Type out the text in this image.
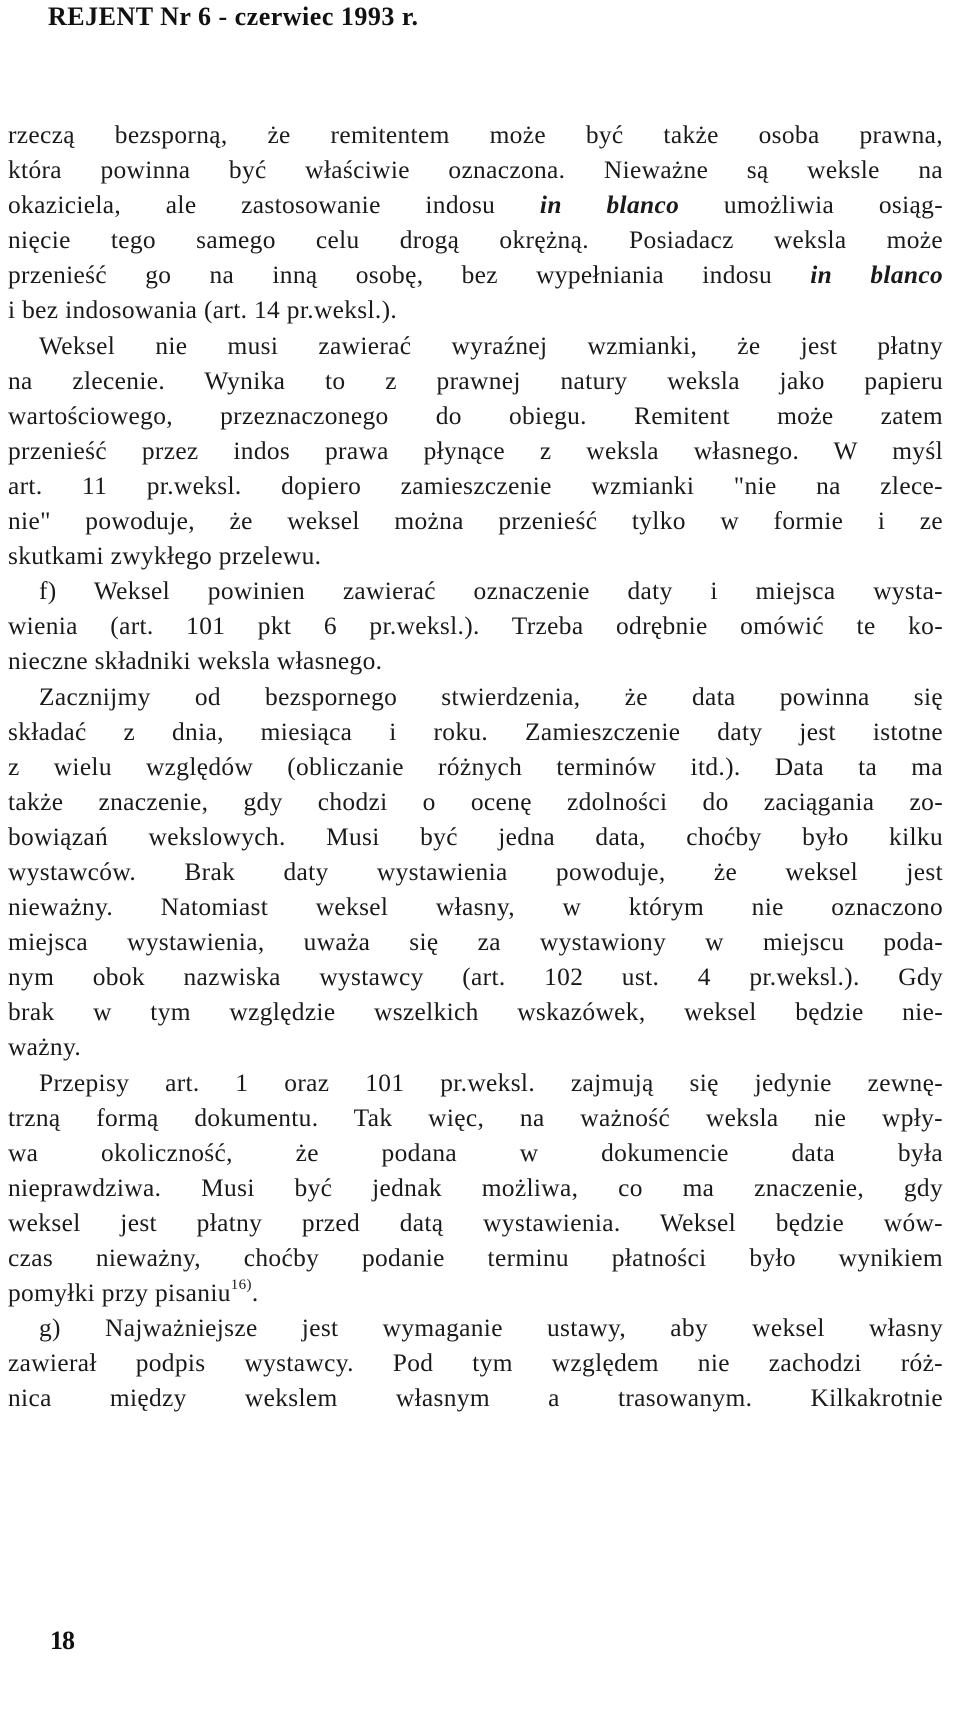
REJENT Nr 6 - czerwiec 1993 r.
rzeczą bezsporną, że remitentem może być także osoba prawna,
która powinna być właściwie oznaczona. Nieważne są weksle na
okaziciela, ale zastosowanie indosu in blanco umożliwia osiąg-
nięcie tego samego celu drogą okrężną. Posiadacz weksla może
przenieść go na inną osobę, bez wypełniania indosu in blanco
i bez indosowania (art. 14 pr.weksl.).
Weksel nie musi zawierać wyraźnej wzmianki, że jest płatny
na zlecenie. Wynika to z prawnej natury weksla jako papieru
wartościowego, przeznaczonego do obiegu. Remitent może zatem
przenieść przez indos prawa płynące z weksla własnego. W myśl
art. 11 pr.weksl. dopiero zamieszczenie wzmianki "nie na zlece-
nie" powoduje, że weksel można przenieść tylko w formie i ze
skutkami zwykłego przelewu.
f) Weksel powinien zawierać oznaczenie daty i miejsca wysta-
wienia (art. 101 pkt 6 pr.weksl.). Trzeba odrębnie omówić te ko-
nieczne składniki weksla własnego.
Zacznijmy od bezspornego stwierdzenia, że data powinna się
składać z dnia, miesiąca i roku. Zamieszczenie daty jest istotne
z wielu względów (obliczanie różnych terminów itd.). Data ta ma
także znaczenie, gdy chodzi o ocenę zdolności do zaciągania zo-
bowiązań wekslowych. Musi być jedna data, choćby było kilku
wystawców. Brak daty wystawienia powoduje, że weksel jest
nieważny. Natomiast weksel własny, w którym nie oznaczono
miejsca wystawienia, uważa się za wystawiony w miejscu poda-
nym obok nazwiska wystawcy (art. 102 ust. 4 pr.weksl.). Gdy
brak w tym względzie wszelkich wskazówek, weksel będzie nie-
ważny.
Przepisy art. 1 oraz 101 pr.weksl. zajmują się jedynie zewnę-
trzną formą dokumentu. Tak więc, na ważność weksla nie wpły-
wa okoliczność, że podana w dokumencie data była
nieprawdziwa. Musi być jednak możliwa, co ma znaczenie, gdy
weksel jest płatny przed datą wystawienia. Weksel będzie wów-
czas nieważny, choćby podanie terminu płatności było wynikiem
pomyłki przy pisaniu$^{16)}$.
g) Najważniejsze jest wymaganie ustawy, aby weksel własny
zawierał podpis wystawcy. Pod tym względem nie zachodzi róż-
nica między wekslem własnym a trasowanym. Kilkakrotnie
18
